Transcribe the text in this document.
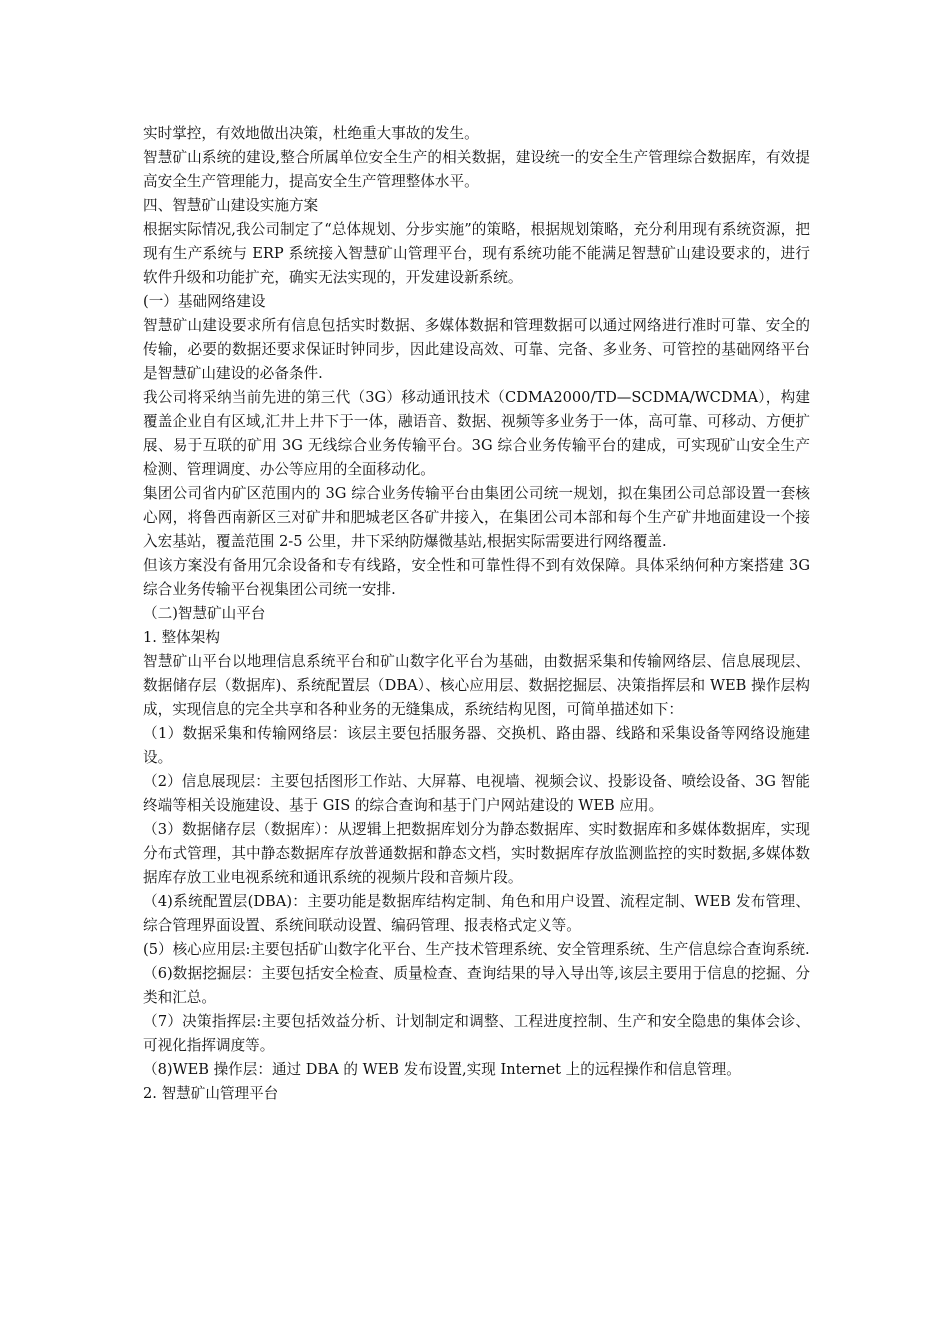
实时掌控，有效地做出决策，杜绝重大事故的发生。

智慧矿山系统的建设,整合所属单位安全生产的相关数据，建设统一的安全生产管理综合数据库，有效提高安全生产管理能力，提高安全生产管理整体水平。

四、智慧矿山建设实施方案

根据实际情况,我公司制定了“总体规划、分步实施”的策略，根据规划策略，充分利用现有系统资源，把现有生产系统与 ERP 系统接入智慧矿山管理平台，现有系统功能不能满足智慧矿山建设要求的，进行软件升级和功能扩充，确实无法实现的，开发建设新系统。

(一）基础网络建设

智慧矿山建设要求所有信息包括实时数据、多媒体数据和管理数据可以通过网络进行准时可靠、安全的传输，必要的数据还要求保证时钟同步，因此建设高效、可靠、完备、多业务、可管控的基础网络平台是智慧矿山建设的必备条件.

我公司将采纳当前先进的第三代（3G）移动通讯技术（CDMA2000/TD—SCDMA/WCDMA），构建覆盖企业自有区域,汇井上井下于一体，融语音、数据、视频等多业务于一体，高可靠、可移动、方便扩展、易于互联的矿用 3G 无线综合业务传输平台。3G 综合业务传输平台的建成，可实现矿山安全生产检测、管理调度、办公等应用的全面移动化。

集团公司省内矿区范围内的 3G 综合业务传输平台由集团公司统一规划，拟在集团公司总部设置一套核心网，将鲁西南新区三对矿井和肥城老区各矿井接入，在集团公司本部和每个生产矿井地面建设一个接入宏基站，覆盖范围 2-5 公里，井下采纳防爆微基站,根据实际需要进行网络覆盖.

但该方案没有备用冗余设备和专有线路，安全性和可靠性得不到有效保障。具体采纳何种方案搭建 3G 综合业务传输平台视集团公司统一安排.

（二)智慧矿山平台

1. 整体架构

智慧矿山平台以地理信息系统平台和矿山数字化平台为基础，由数据采集和传输网络层、信息展现层、数据储存层（数据库)、系统配置层（DBA）、核心应用层、数据挖掘层、决策指挥层和 WEB 操作层构成，实现信息的完全共享和各种业务的无缝集成，系统结构见图，可简单描述如下：

（1）数据采集和传输网络层：该层主要包括服务器、交换机、路由器、线路和采集设备等网络设施建设。

（2）信息展现层：主要包括图形工作站、大屏幕、电视墙、视频会议、投影设备、喷绘设备、3G 智能终端等相关设施建设、基于 GIS 的综合查询和基于门户网站建设的 WEB 应用。

（3）数据储存层（数据库）：从逻辑上把数据库划分为静态数据库、实时数据库和多媒体数据库，实现分布式管理，其中静态数据库存放普通数据和静态文档，实时数据库存放监测监控的实时数据,多媒体数据库存放工业电视系统和通讯系统的视频片段和音频片段。

（4)系统配置层(DBA)：主要功能是数据库结构定制、角色和用户设置、流程定制、WEB 发布管理、综合管理界面设置、系统间联动设置、编码管理、报表格式定义等。

(5）核心应用层:主要包括矿山数字化平台、生产技术管理系统、安全管理系统、生产信息综合查询系统.

（6)数据挖掘层：主要包括安全检查、质量检查、查询结果的导入导出等,该层主要用于信息的挖掘、分类和汇总。

（7）决策指挥层:主要包括效益分析、计划制定和调整、工程进度控制、生产和安全隐患的集体会诊、可视化指挥调度等。

（8)WEB 操作层：通过 DBA 的 WEB 发布设置,实现 Internet 上的远程操作和信息管理。

2. 智慧矿山管理平台
